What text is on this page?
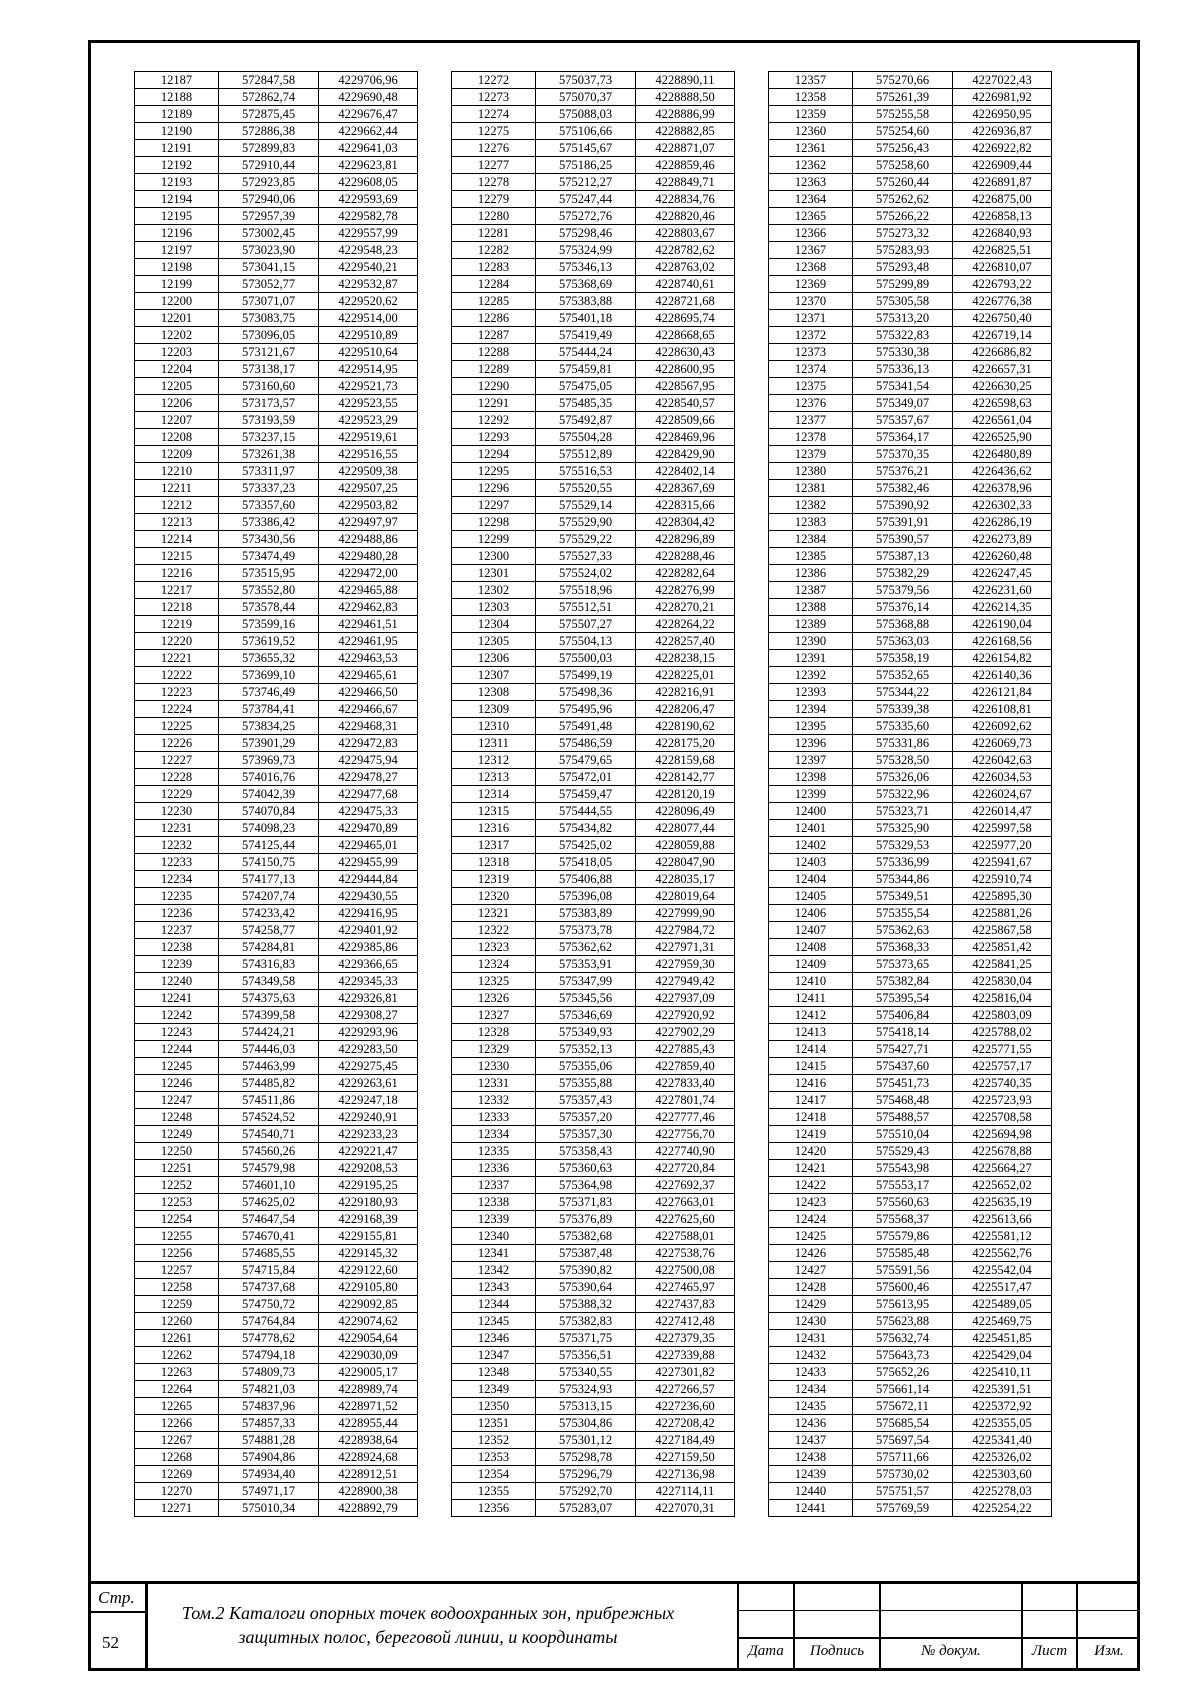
12187	572847,58	4229706,96
12188	572862,74	4229690,48
12189	572875,45	4229676,47
12190	572886,38	4229662,44
12191	572899,83	4229641,03
12192	572910,44	4229623,81
12193	572923,85	4229608,05
12194	572940,06	4229593,69
12195	572957,39	4229582,78
12196	573002,45	4229557,99
12197	573023,90	4229548,23
12198	573041,15	4229540,21
12199	573052,77	4229532,87
12200	573071,07	4229520,62
12201	573083,75	4229514,00
12202	573096,05	4229510,89
12203	573121,67	4229510,64
12204	573138,17	4229514,95
12205	573160,60	4229521,73
12206	573173,57	4229523,55
12207	573193,59	4229523,29
12208	573237,15	4229519,61
12209	573261,38	4229516,55
12210	573311,97	4229509,38
12211	573337,23	4229507,25
12212	573357,60	4229503,82
12213	573386,42	4229497,97
12214	573430,56	4229488,86
12215	573474,49	4229480,28
12216	573515,95	4229472,00
12217	573552,80	4229465,88
12218	573578,44	4229462,83
12219	573599,16	4229461,51
12220	573619,52	4229461,95
12221	573655,32	4229463,53
12222	573699,10	4229465,61
12223	573746,49	4229466,50
12224	573784,41	4229466,67
12225	573834,25	4229468,31
12226	573901,29	4229472,83
12227	573969,73	4229475,94
12228	574016,76	4229478,27
12229	574042,39	4229477,68
12230	574070,84	4229475,33
12231	574098,23	4229470,89
12232	574125,44	4229465,01
12233	574150,75	4229455,99
12234	574177,13	4229444,84
12235	574207,74	4229430,55
12236	574233,42	4229416,95
12237	574258,77	4229401,92
12238	574284,81	4229385,86
12239	574316,83	4229366,65
12240	574349,58	4229345,33
12241	574375,63	4229326,81
12242	574399,58	4229308,27
12243	574424,21	4229293,96
12244	574446,03	4229283,50
12245	574463,99	4229275,45
12246	574485,82	4229263,61
12247	574511,86	4229247,18
12248	574524,52	4229240,91
12249	574540,71	4229233,23
12250	574560,26	4229221,47
12251	574579,98	4229208,53
12252	574601,10	4229195,25
12253	574625,02	4229180,93
12254	574647,54	4229168,39
12255	574670,41	4229155,81
12256	574685,55	4229145,32
12257	574715,84	4229122,60
12258	574737,68	4229105,80
12259	574750,72	4229092,85
12260	574764,84	4229074,62
12261	574778,62	4229054,64
12262	574794,18	4229030,09
12263	574809,73	4229005,17
12264	574821,03	4228989,74
12265	574837,96	4228971,52
12266	574857,33	4228955,44
12267	574881,28	4228938,64
12268	574904,86	4228924,68
12269	574934,40	4228912,51
12270	574971,17	4228900,38
12271	575010,34	4228892,79
12272	575037,73	4228890,11
12273	575070,37	4228888,50
12274	575088,03	4228886,99
12275	575106,66	4228882,85
12276	575145,67	4228871,07
12277	575186,25	4228859,46
12278	575212,27	4228849,71
12279	575247,44	4228834,76
12280	575272,76	4228820,46
12281	575298,46	4228803,67
12282	575324,99	4228782,62
12283	575346,13	4228763,02
12284	575368,69	4228740,61
12285	575383,88	4228721,68
12286	575401,18	4228695,74
12287	575419,49	4228668,65
12288	575444,24	4228630,43
12289	575459,81	4228600,95
12290	575475,05	4228567,95
12291	575485,35	4228540,57
12292	575492,87	4228509,66
12293	575504,28	4228469,96
12294	575512,89	4228429,90
12295	575516,53	4228402,14
12296	575520,55	4228367,69
12297	575529,14	4228315,66
12298	575529,90	4228304,42
12299	575529,22	4228296,89
12300	575527,33	4228288,46
12301	575524,02	4228282,64
12302	575518,96	4228276,99
12303	575512,51	4228270,21
12304	575507,27	4228264,22
12305	575504,13	4228257,40
12306	575500,03	4228238,15
12307	575499,19	4228225,01
12308	575498,36	4228216,91
12309	575495,96	4228206,47
12310	575491,48	4228190,62
12311	575486,59	4228175,20
12312	575479,65	4228159,68
12313	575472,01	4228142,77
12314	575459,47	4228120,19
12315	575444,55	4228096,49
12316	575434,82	4228077,44
12317	575425,02	4228059,88
12318	575418,05	4228047,90
12319	575406,88	4228035,17
12320	575396,08	4228019,64
12321	575383,89	4227999,90
12322	575373,78	4227984,72
12323	575362,62	4227971,31
12324	575353,91	4227959,30
12325	575347,99	4227949,42
12326	575345,56	4227937,09
12327	575346,69	4227920,92
12328	575349,93	4227902,29
12329	575352,13	4227885,43
12330	575355,06	4227859,40
12331	575355,88	4227833,40
12332	575357,43	4227801,74
12333	575357,20	4227777,46
12334	575357,30	4227756,70
12335	575358,43	4227740,90
12336	575360,63	4227720,84
12337	575364,98	4227692,37
12338	575371,83	4227663,01
12339	575376,89	4227625,60
12340	575382,68	4227588,01
12341	575387,48	4227538,76
12342	575390,82	4227500,08
12343	575390,64	4227465,97
12344	575388,32	4227437,83
12345	575382,83	4227412,48
12346	575371,75	4227379,35
12347	575356,51	4227339,88
12348	575340,55	4227301,82
12349	575324,93	4227266,57
12350	575313,15	4227236,60
12351	575304,86	4227208,42
12352	575301,12	4227184,49
12353	575298,78	4227159,50
12354	575296,79	4227136,98
12355	575292,70	4227114,11
12356	575283,07	4227070,31
12357	575270,66	4227022,43
12358	575261,39	4226981,92
12359	575255,58	4226950,95
12360	575254,60	4226936,87
12361	575256,43	4226922,82
12362	575258,60	4226909,44
12363	575260,44	4226891,87
12364	575262,62	4226875,00
12365	575266,22	4226858,13
12366	575273,32	4226840,93
12367	575283,93	4226825,51
12368	575293,48	4226810,07
12369	575299,89	4226793,22
12370	575305,58	4226776,38
12371	575313,20	4226750,40
12372	575322,83	4226719,14
12373	575330,38	4226686,82
12374	575336,13	4226657,31
12375	575341,54	4226630,25
12376	575349,07	4226598,63
12377	575357,67	4226561,04
12378	575364,17	4226525,90
12379	575370,35	4226480,89
12380	575376,21	4226436,62
12381	575382,46	4226378,96
12382	575390,92	4226302,33
12383	575391,91	4226286,19
12384	575390,57	4226273,89
12385	575387,13	4226260,48
12386	575382,29	4226247,45
12387	575379,56	4226231,60
12388	575376,14	4226214,35
12389	575368,88	4226190,04
12390	575363,03	4226168,56
12391	575358,19	4226154,82
12392	575352,65	4226140,36
12393	575344,22	4226121,84
12394	575339,38	4226108,81
12395	575335,60	4226092,62
12396	575331,86	4226069,73
12397	575328,50	4226042,63
12398	575326,06	4226034,53
12399	575322,96	4226024,67
12400	575323,71	4226014,47
12401	575325,90	4225997,58
12402	575329,53	4225977,20
12403	575336,99	4225941,67
12404	575344,86	4225910,74
12405	575349,51	4225895,30
12406	575355,54	4225881,26
12407	575362,63	4225867,58
12408	575368,33	4225851,42
12409	575373,65	4225841,25
12410	575382,84	4225830,04
12411	575395,54	4225816,04
12412	575406,84	4225803,09
12413	575418,14	4225788,02
12414	575427,71	4225771,55
12415	575437,60	4225757,17
12416	575451,73	4225740,35
12417	575468,48	4225723,93
12418	575488,57	4225708,58
12419	575510,04	4225694,98
12420	575529,43	4225678,88
12421	575543,98	4225664,27
12422	575553,17	4225652,02
12423	575560,63	4225635,19
12424	575568,37	4225613,66
12425	575579,86	4225581,12
12426	575585,48	4225562,76
12427	575591,56	4225542,04
12428	575600,46	4225517,47
12429	575613,95	4225489,05
12430	575623,88	4225469,75
12431	575632,74	4225451,85
12432	575643,73	4225429,04
12433	575652,26	4225410,11
12434	575661,14	4225391,51
12435	575672,11	4225372,92
12436	575685,54	4225355,05
12437	575697,54	4225341,40
12438	575711,66	4225326,02
12439	575730,02	4225303,60
12440	575751,57	4225278,03
12441	575769,59	4225254,22
Стр.
52
Том.2 Каталоги опорных точек водоохранных зон, прибрежных
защитных полос, береговой линии, и координаты
Дата	Подпись	№ докум.	Лист	Изм.
